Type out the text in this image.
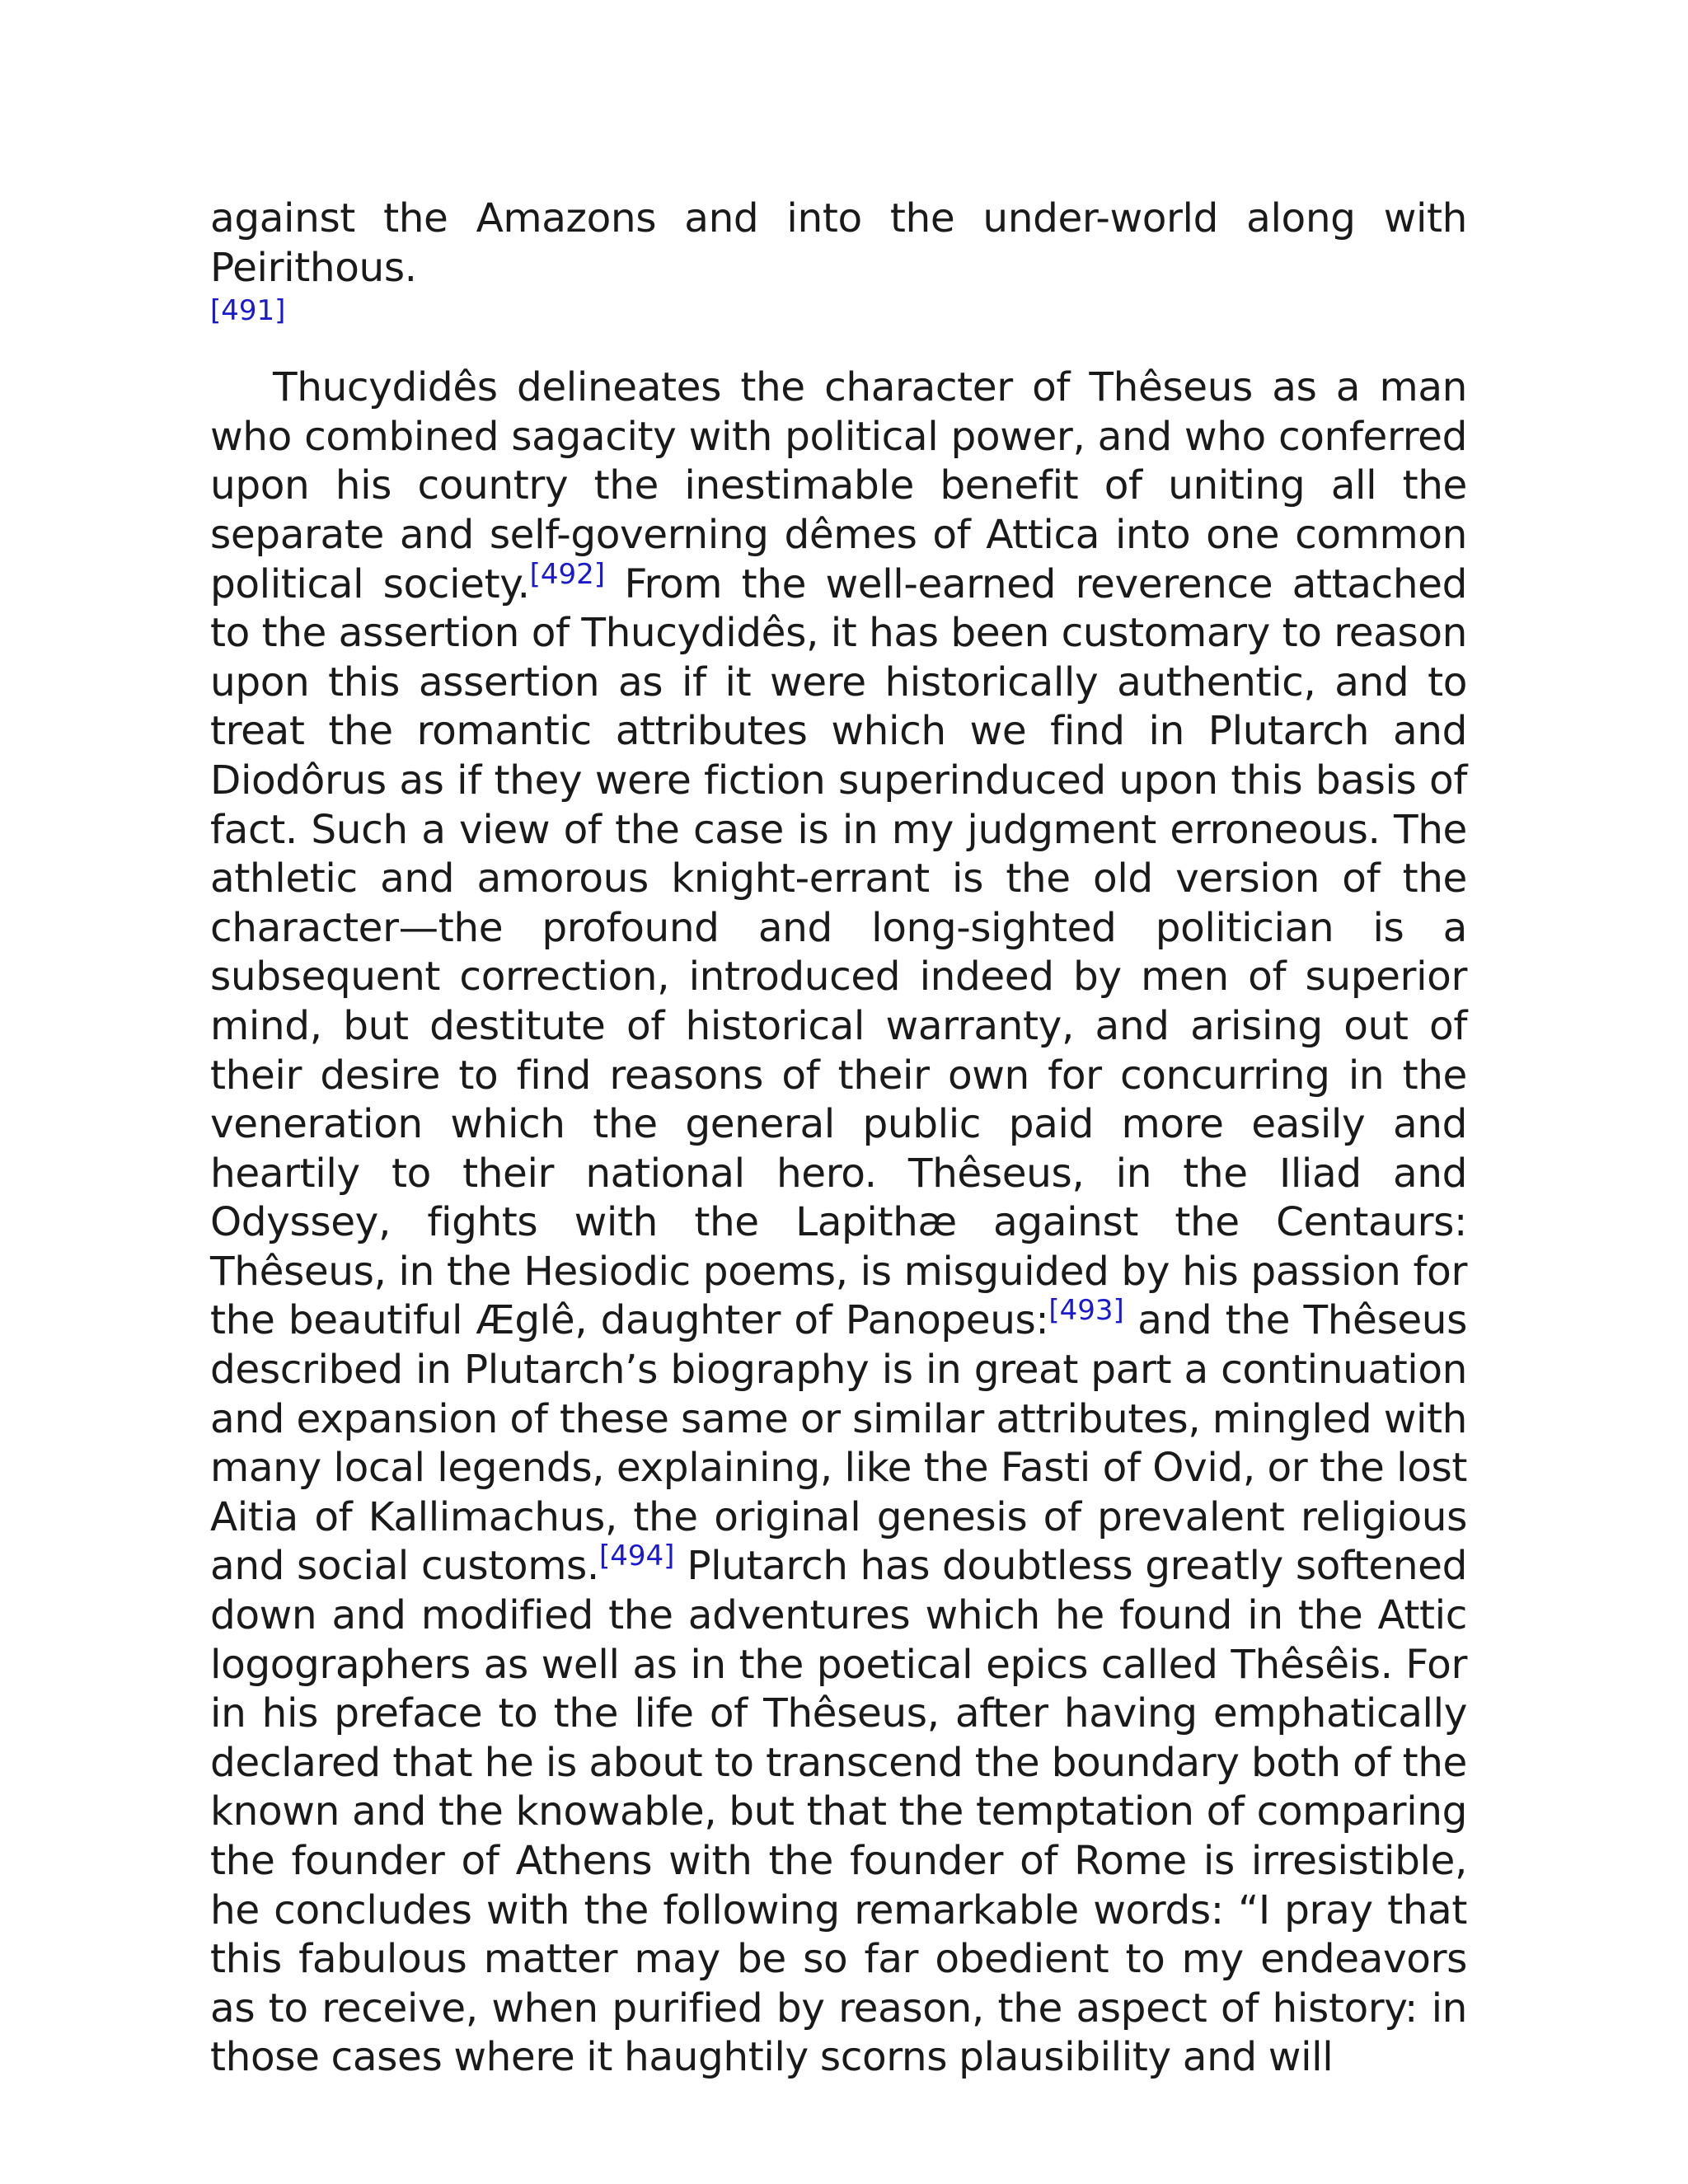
against the Amazons and into the under-world along with Peirithous.
[491]

Thucydidês delineates the character of Thêseus as a man who combined sagacity with political power, and who conferred upon his country the inestimable benefit of uniting all the separate and self-governing dêmes of Attica into one common political society.[492] From the well-earned reverence attached to the assertion of Thucydidês, it has been customary to reason upon this assertion as if it were historically authentic, and to treat the romantic attributes which we find in Plutarch and Diodôrus as if they were fiction superinduced upon this basis of fact. Such a view of the case is in my judgment erroneous. The athletic and amorous knight-errant is the old version of the character—the profound and long-sighted politician is a subsequent correction, introduced indeed by men of superior mind, but destitute of historical warranty, and arising out of their desire to find reasons of their own for concurring in the veneration which the general public paid more easily and heartily to their national hero. Thêseus, in the Iliad and Odyssey, fights with the Lapithæ against the Centaurs: Thêseus, in the Hesiodic poems, is misguided by his passion for the beautiful Æglê, daughter of Panopeus:[493] and the Thêseus described in Plutarch’s biography is in great part a continuation and expansion of these same or similar attributes, mingled with many local legends, explaining, like the Fasti of Ovid, or the lost Aitia of Kallimachus, the original genesis of prevalent religious and social customs.[494] Plutarch has doubtless greatly softened down and modified the adventures which he found in the Attic logographers as well as in the poetical epics called Thêsêis. For in his preface to the life of Thêseus, after having emphatically declared that he is about to transcend the boundary both of the known and the knowable, but that the temptation of comparing the founder of Athens with the founder of Rome is irresistible, he concludes with the following remarkable words: “I pray that this fabulous matter may be so far obedient to my endeavors as to receive, when purified by reason, the aspect of history: in those cases where it haughtily scorns plausibility and will
